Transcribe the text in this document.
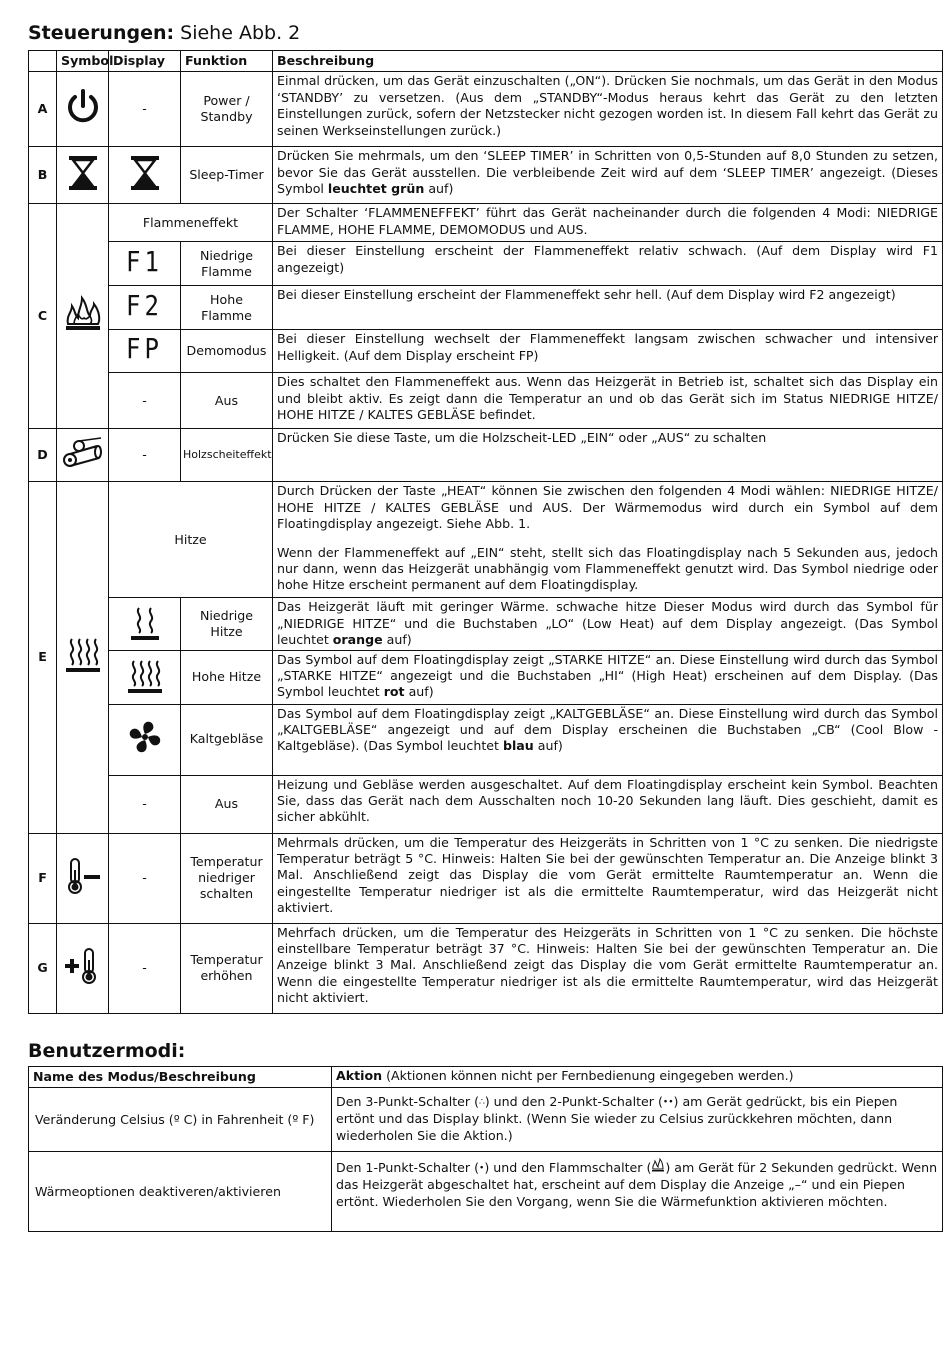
Steuerungen: Siehe Abb. 2
	Symbol	Display	Funktion	Beschreibung
A		-	Power / Standby	Einmal drücken, um das Gerät einzuschalten („ON“). Drücken Sie nochmals, um das Gerät in den Modus ‘STANDBY’ zu versetzen. (Aus dem „STANDBY“-Modus heraus kehrt das Gerät zu den letzten Einstellungen zurück, sofern der Netzstecker nicht gezogen worden ist. In diesem Fall kehrt das Gerät zu seinen Werkseinstellungen zurück.)
B			Sleep-Timer	Drücken Sie mehrmals, um den ‘SLEEP TIMER’ in Schritten von 0,5-Stunden auf 8,0 Stunden zu setzen, bevor Sie das Gerät ausstellen. Die verbleibende Zeit wird auf dem ‘SLEEP TIMER’ angezeigt. (Dieses Symbol leuchtet grün auf)
C		Flammeneffekt		Der Schalter ‘FLAMMENEFFEKT’ führt das Gerät nacheinander durch die folgenden 4 Modi: NIEDRIGE FLAMME, HOHE FLAMME, DEMOMODUS und AUS.
		F1	Niedrige Flamme	Bei dieser Einstellung erscheint der Flammeneffekt relativ schwach. (Auf dem Display wird F1 angezeigt)
		F2	Hohe Flamme	Bei dieser Einstellung erscheint der Flammeneffekt sehr hell. (Auf dem Display wird F2 angezeigt)
		FP	Demomodus	Bei dieser Einstellung wechselt der Flammeneffekt langsam zwischen schwacher und intensiver Helligkeit. (Auf dem Display erscheint FP)
		-	Aus	Dies schaltet den Flammeneffekt aus. Wenn das Heizgerät in Betrieb ist, schaltet sich das Display ein und bleibt aktiv. Es zeigt dann die Temperatur an und ob das Gerät sich im Status NIEDRIGE HITZE/ HOHE HITZE / KALTES GEBLÄSE befindet.
D		-	Holzscheiteffekt	Drücken Sie diese Taste, um die Holzscheit-LED „EIN“ oder „AUS“ zu schalten
E		Hitze		Durch Drücken der Taste „HEAT“ können Sie zwischen den folgenden 4 Modi wählen: NIEDRIGE HITZE/ HOHE HITZE / KALTES GEBLÄSE und AUS. Der Wärmemodus wird durch ein Symbol auf dem Floatingdisplay angezeigt. Siehe Abb. 1.

Wenn der Flammeneffekt auf „EIN“ steht, stellt sich das Floatingdisplay nach 5 Sekunden aus, jedoch nur dann, wenn das Heizgerät unabhängig vom Flammeneffekt genutzt wird. Das Symbol niedrige oder hohe Hitze erscheint permanent auf dem Floatingdisplay.

	Niedrige Hitze	Das Heizgerät läuft mit geringer Wärme. schwache hitze Dieser Modus wird durch das Symbol für „NIEDRIGE HITZE“ und die Buchstaben „LO“ (Low Heat) auf dem Display angezeigt. (Das Symbol leuchtet orange auf)
	Hohe Hitze	Das Symbol auf dem Floatingdisplay zeigt „STARKE HITZE“ an. Diese Einstellung wird durch das Symbol „STARKE HITZE“ angezeigt und die Buchstaben „HI“ (High Heat) erscheinen auf dem Display. (Das Symbol leuchtet rot auf)
	Kaltgebläse	Das Symbol auf dem Floatingdisplay zeigt „KALTGEBLÄSE“ an. Diese Einstellung wird durch das Symbol „KALTGEBLÄSE“ angezeigt und auf dem Display erscheinen die Buchstaben „CB“ (Cool Blow - Kaltgebläse). (Das Symbol leuchtet blau auf)
		-	Aus	Heizung und Gebläse werden ausgeschaltet. Auf dem Floatingdisplay erscheint kein Symbol. Beachten Sie, dass das Gerät nach dem Ausschalten noch 10-20 Sekunden lang läuft. Dies geschieht, damit es sicher abkühlt.
F		-	Temperatur niedriger schalten	Mehrmals drücken, um die Temperatur des Heizgeräts in Schritten von 1 °C zu senken. Die niedrigste Temperatur beträgt 5 °C. Hinweis: Halten Sie bei der gewünschten Temperatur an. Die Anzeige blinkt 3 Mal. Anschließend zeigt das Display die vom Gerät ermittelte Raumtemperatur an. Wenn die eingestellte Temperatur niedriger ist als die ermittelte Raumtemperatur, wird das Heizgerät nicht aktiviert.
G		-	Temperatur erhöhen	Mehrfach drücken, um die Temperatur des Heizgeräts in Schritten von 1 °C zu senken. Die höchste einstellbare Temperatur beträgt 37 °C. Hinweis: Halten Sie bei der gewünschten Temperatur an. Die Anzeige blinkt 3 Mal. Anschließend zeigt das Display die vom Gerät ermittelte Raumtemperatur an. Wenn die eingestellte Temperatur niedriger ist als die ermittelte Raumtemperatur, wird das Heizgerät nicht aktiviert.
Benutzermodi:
Name des Modus/Beschreibung	Aktion (Aktionen können nicht per Fernbedienung eingegeben werden.)
Veränderung Celsius (º C) in Fahrenheit (º F)	Den 3-Punkt-Schalter (∴) und den 2-Punkt-Schalter (••) am Gerät gedrückt, bis ein Piepen ertönt und das Display blinkt. (Wenn Sie wieder zu Celsius zurückkehren möchten, dann wiederholen Sie die Aktion.)
Wärmeoptionen deaktiveren/aktivieren	Den 1-Punkt-Schalter (•) und den Flammschalter ( ) am Gerät für 2 Sekunden gedrückt. Wenn das Heizgerät abgeschaltet hat, erscheint auf dem Display die Anzeige „–“ und ein Piepen ertönt. Wiederholen Sie den Vorgang, wenn Sie die Wärmefunktion aktivieren möchten.
